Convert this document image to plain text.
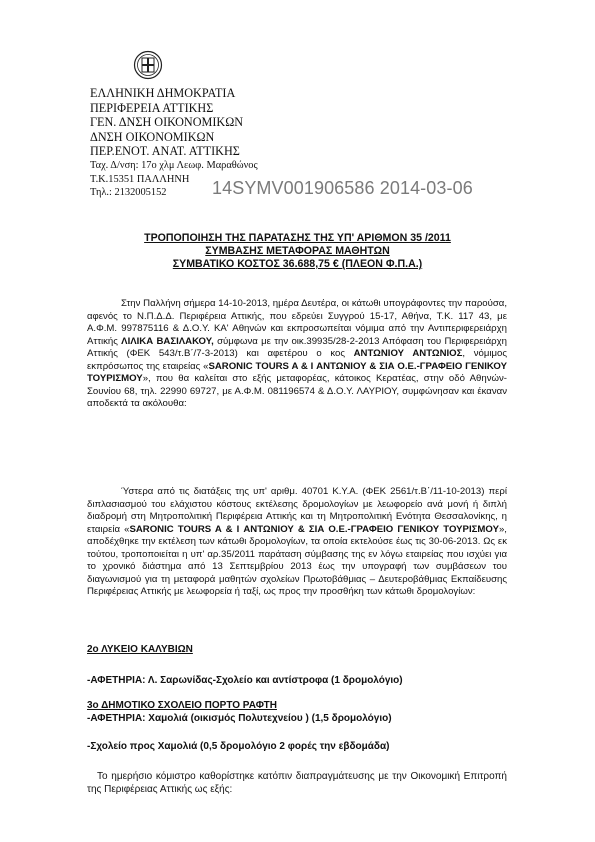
ΕΛΛΗΝΙΚΗ ΔΗΜΟΚΡΑΤΙΑ
ΠΕΡΙΦΕΡΕΙΑ ΑΤΤΙΚΗΣ
ΓΕΝ. ΔΝΣΗ ΟΙΚΟΝΟΜΙΚΩΝ
ΔΝΣΗ ΟΙΚΟΝΟΜΙΚΩΝ
ΠΕΡ.ΕΝΟΤ. ΑΝΑΤ. ΑΤΤΙΚΗΣ
Ταχ. Δ/νση: 17ο χλμ Λεωφ. Μαραθώνος
Τ.Κ.15351 ΠΑΛΛΗΝΗ
Τηλ.: 2132005152	14SYMV001906586 2014-03-06
ΤΡΟΠΟΠΟΙΗΣΗ ΤΗΣ ΠΑΡΑΤΑΣΗΣ ΤΗΣ ΥΠ' ΑΡΙΘΜΟΝ 35 /2011
ΣΥΜΒΑΣΗΣ ΜΕΤΑΦΟΡΑΣ ΜΑΘΗΤΩΝ
ΣΥΜΒΑΤΙΚΟ ΚΟΣΤΟΣ 36.688,75 € (ΠΛΕΟΝ Φ.Π.Α.)
Στην Παλλήνη σήμερα 14-10-2013, ημέρα Δευτέρα, οι κάτωθι υπογράφοντες την παρούσα, αφενός το Ν.Π.Δ.Δ. Περιφέρεια Αττικής, που εδρεύει Συγγρού 15-17, Αθήνα, Τ.Κ. 117 43, με Α.Φ.Μ. 997875116 & Δ.Ο.Υ. ΚΑ' Αθηνών και εκπροσωπείται νόμιμα από την Αντιπεριφερειάρχη Αττικής ΛΙΛΙΚΑ ΒΑΣΙΛΑΚΟΥ, σύμφωνα με την οικ.39935/28-2-2013 Απόφαση του Περιφερειάρχη Αττικής (ΦΕΚ 543/τ.Β΄/7-3-2013) και αφετέρου ο κος ΑΝΤΩΝΙΟΥ ΑΝΤΩΝΙΟΣ, νόμιμος εκπρόσωπος της εταιρείας «SARONIC TOURS A & I ΑΝΤΩΝΙΟΥ & ΣΙΑ Ο.Ε.-ΓΡΑΦΕΙΟ ΓΕΝΙΚΟΥ ΤΟΥΡΙΣΜΟΥ», που θα καλείται στο εξής μεταφορέας, κάτοικος Κερατέας, στην οδό Αθηνών-Σουνίου 68, τηλ. 22990 69727, με Α.Φ.Μ. 081196574 & Δ.Ο.Υ. ΛΑΥΡΙΟΥ, συμφώνησαν και έκαναν αποδεκτά τα ακόλουθα:
Ύστερα από τις διατάξεις της υπ' αριθμ. 40701 Κ.Υ.Α. (ΦΕΚ 2561/τ.Β΄/11-10-2013) περί διπλασιασμού του ελάχιστου κόστους εκτέλεσης δρομολογίων με λεωφορείο ανά μονή ή διπλή διαδρομή στη Μητροπολιτική Περιφέρεια Αττικής και τη Μητροπολιτική Ενότητα Θεσσαλονίκης, η εταιρεία «SARONIC TOURS A & I ΑΝΤΩΝΙΟΥ & ΣΙΑ Ο.Ε.-ΓΡΑΦΕΙΟ ΓΕΝΙΚΟΥ ΤΟΥΡΙΣΜΟΥ», αποδέχθηκε την εκτέλεση των κάτωθι δρομολογίων, τα οποία εκτελούσε έως τις 30-06-2013. Ως εκ τούτου, τροποποιείται η υπ' αρ.35/2011 παράταση σύμβασης της εν λόγω εταιρείας που ισχύει για το χρονικό διάστημα από 13 Σεπτεμβρίου 2013 έως την υπογραφή των συμβάσεων του διαγωνισμού για τη μεταφορά μαθητών σχολείων Πρωτοβάθμιας – Δευτεροβάθμιας Εκπαίδευσης Περιφέρειας Αττικής με λεωφορεία ή ταξί, ως προς την προσθήκη των κάτωθι δρομολογίων:
2ο ΛΥΚΕΙΟ ΚΑΛΥΒΙΩΝ
-ΑΦΕΤΗΡΙΑ: Λ. Σαρωνίδας-Σχολείο και αντίστροφα (1 δρομολόγιο)
3ο ΔΗΜΟΤΙΚΟ ΣΧΟΛΕΙΟ ΠΟΡΤΟ ΡΑΦΤΗ
-ΑΦΕΤΗΡΙΑ: Χαμολιά (οικισμός Πολυτεχνείου ) (1,5 δρομολόγιο)
-Σχολείο προς Χαμολιά (0,5 δρομολόγιο 2 φορές την εβδομάδα)
Το ημερήσιο κόμιστρο καθορίστηκε κατόπιν διαπραγμάτευσης με την Οικονομική Επιτροπή της Περιφέρειας Αττικής ως εξής:
